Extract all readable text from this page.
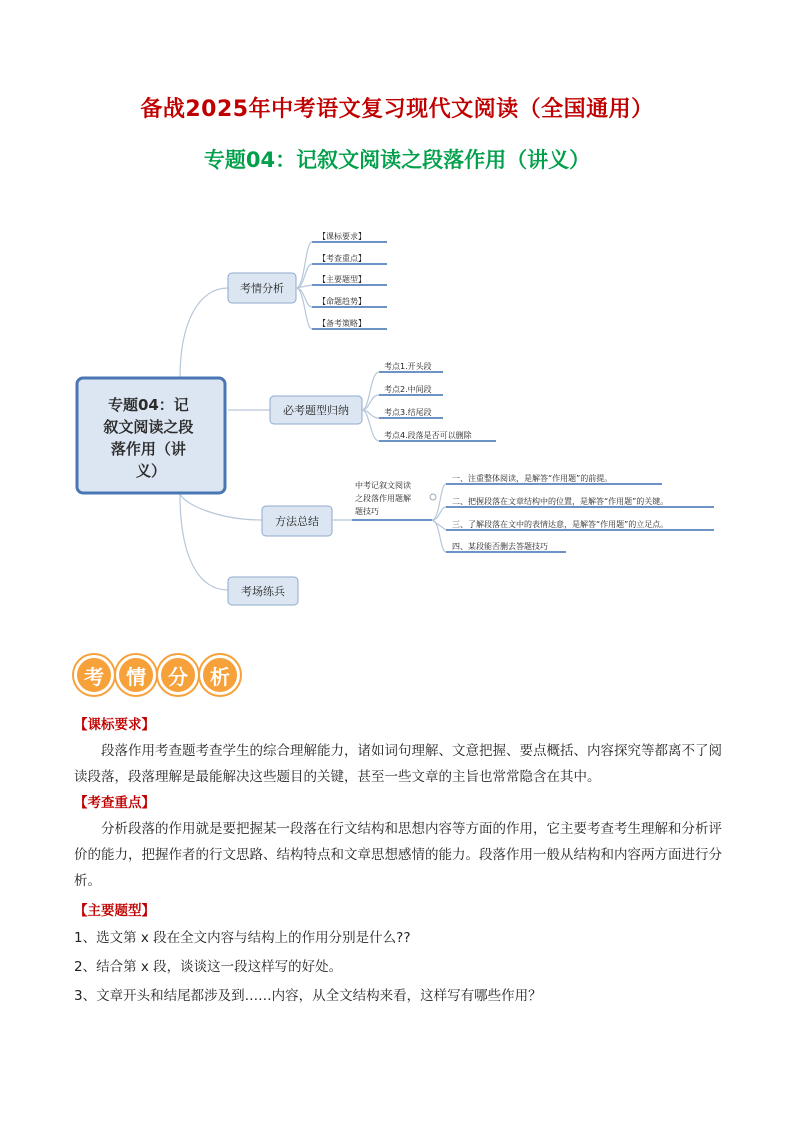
备战2025年中考语文复习现代文阅读（全国通用）
专题04：记叙文阅读之段落作用（讲义）
专题04：记 叙文阅读之段 落作用（讲 义）
考情分析
【课标要求】
【考查重点】
【主要题型】
【命题趋势】
【备考策略】
必考题型归纳
考点1.开头段
考点2.中间段
考点3.结尾段
考点4.段落是否可以删除
方法总结
中考记叙文阅读 之段落作用题解 题技巧
一、注重整体阅读，是解答“作用题”的前提。
二、把握段落在文章结构中的位置，是解答“作用题”的关键。
三、了解段落在文中的表情达意，是解答“作用题”的立足点。
四、某段能否删去答题技巧
考场练兵
考	情	分	析
【课标要求】

段落作用考查题考查学生的综合理解能力，诸如词句理解、文意把握、要点概括、内容探究等都离不了阅读段落，段落理解是最能解决这些题目的关键，甚至一些文章的主旨也常常隐含在其中。

【考查重点】

分析段落的作用就是要把握某一段落在行文结构和思想内容等方面的作用，它主要考查考生理解和分析评价的能力，把握作者的行文思路、结构特点和文章思想感情的能力。段落作用一般从结构和内容两方面进行分析。

【主要题型】

1、选文第 x 段在全文内容与结构上的作用分别是什么??

2、结合第 x 段，谈谈这一段这样写的好处。

3、文章开头和结尾都涉及到……内容，从全文结构来看，这样写有哪些作用？
